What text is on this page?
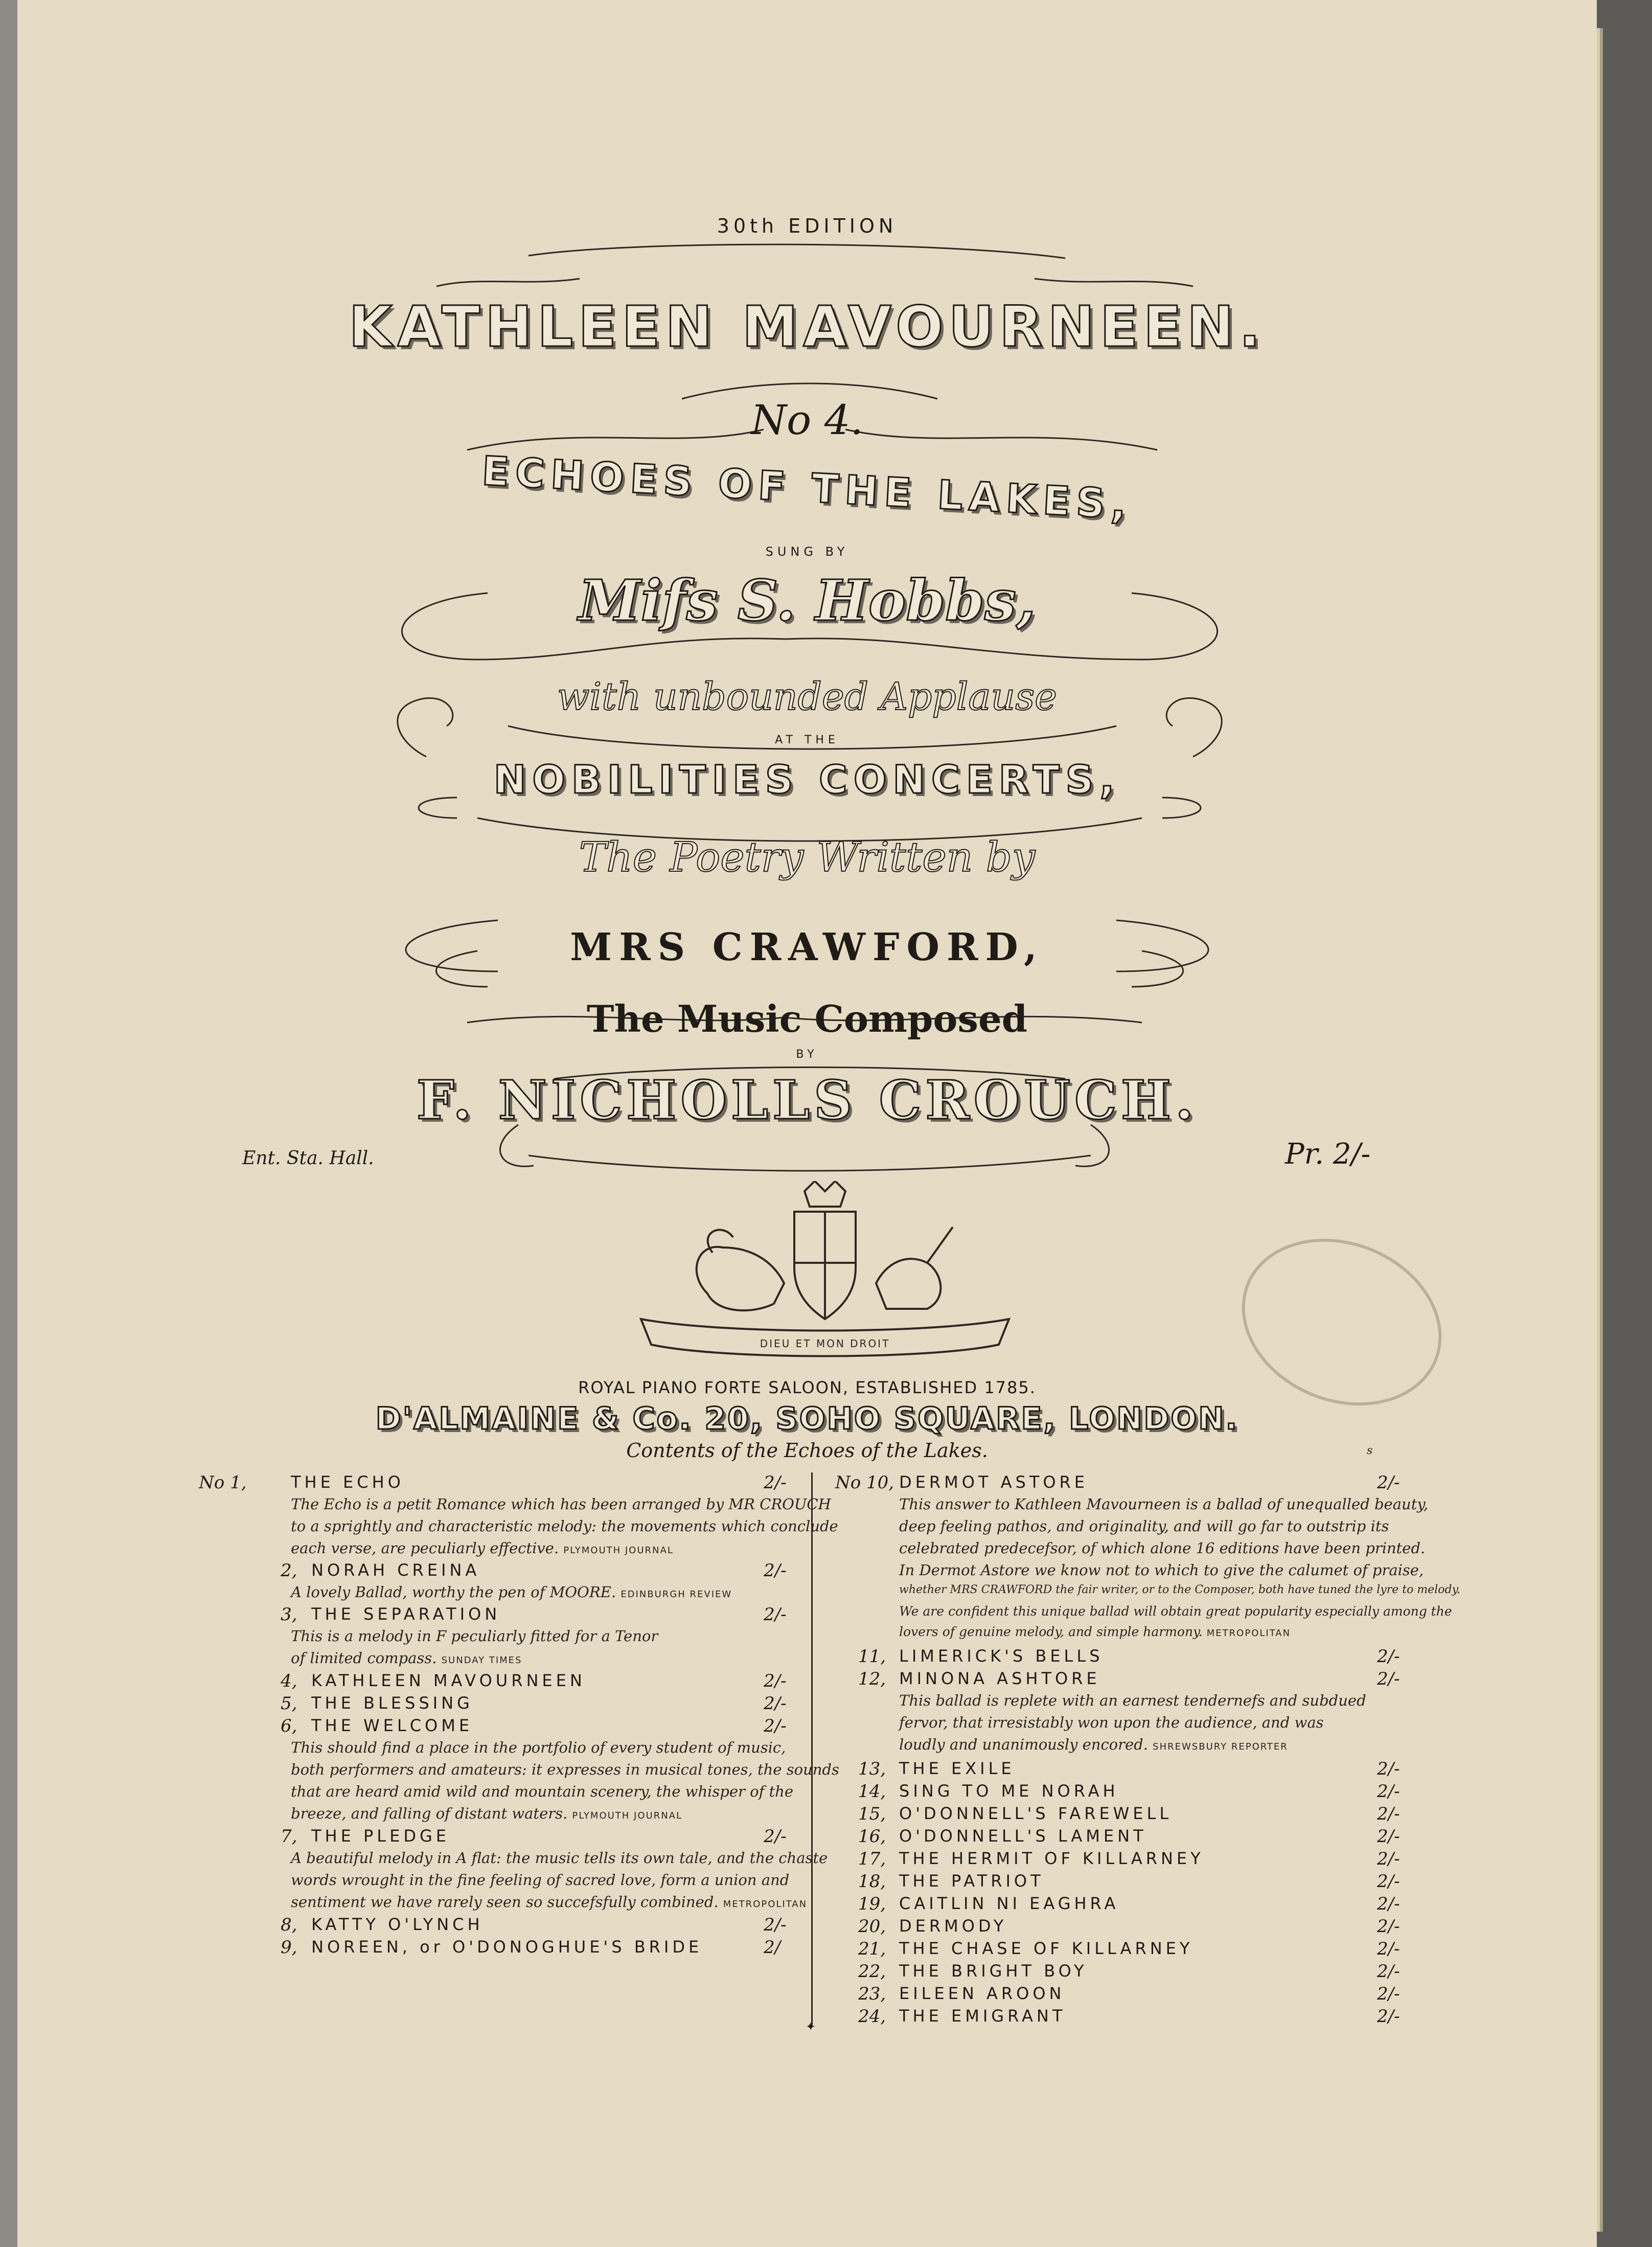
30th EDITION
KATHLEEN MAVOURNEEN.
No 4.
ECHOES OF THE LAKES,
SUNG BY
Mifs S. Hobbs,
with unbounded Applause
AT THE
NOBILITIES CONCERTS,
The Poetry Written by
MRS CRAWFORD,
The Music Composed
BY
F. NICHOLLS CROUCH.
Ent. Sta. Hall.	Pr. 2/-
DIEU ET MON DROIT
ROYAL PIANO FORTE SALOON, ESTABLISHED 1785.
D'ALMAINE & Co. 20, SOHO SQUARE, LONDON.
Contents of the Echoes of the Lakes.
✦
s
No 1,	THE ECHO	2/-
The Echo is a petit Romance which has been arranged by MR CROUCH
to a sprightly and characteristic melody: the movements which conclude
each verse, are peculiarly effective. PLYMOUTH JOURNAL
2, NORAH CREINA	2/-
A lovely Ballad, worthy the pen of MOORE. EDINBURGH REVIEW
3, THE SEPARATION	2/-
This is a melody in F peculiarly fitted for a Tenor
of limited compass. SUNDAY TIMES
4, KATHLEEN MAVOURNEEN	2/-
5, THE BLESSING	2/-
6, THE WELCOME	2/-
This should find a place in the portfolio of every student of music,
both performers and amateurs: it expresses in musical tones, the sounds
that are heard amid wild and mountain scenery, the whisper of the
breeze, and falling of distant waters. PLYMOUTH JOURNAL
7, THE PLEDGE	2/-
A beautiful melody in A flat: the music tells its own tale, and the chaste
words wrought in the fine feeling of sacred love, form a union and
sentiment we have rarely seen so succefsfully combined. METROPOLITAN
8, KATTY O'LYNCH	2/-
9, NOREEN, or O'DONOGHUE'S BRIDE	2/
No 10, DERMOT ASTORE	2/-
This answer to Kathleen Mavourneen is a ballad of unequalled beauty,
deep feeling pathos, and originality, and will go far to outstrip its
celebrated predecefsor, of which alone 16 editions have been printed.
In Dermot Astore we know not to which to give the calumet of praise,
whether MRS CRAWFORD the fair writer, or to the Composer, both have tuned the lyre to melody.
We are confident this unique ballad will obtain great popularity especially among the
lovers of genuine melody, and simple harmony. METROPOLITAN
11, LIMERICK'S BELLS	2/-
12, MINONA ASHTORE	2/-
This ballad is replete with an earnest tendernefs and subdued
fervor, that irresistably won upon the audience, and was
loudly and unanimously encored. SHREWSBURY REPORTER
13, THE EXILE	2/-
14, SING TO ME NORAH	2/-
15, O'DONNELL'S FAREWELL	2/-
16, O'DONNELL'S LAMENT	2/-
17, THE HERMIT OF KILLARNEY	2/-
18, THE PATRIOT	2/-
19, CAITLIN NI EAGHRA	2/-
20, DERMODY	2/-
21, THE CHASE OF KILLARNEY	2/-
22, THE BRIGHT BOY	2/-
23, EILEEN AROON	2/-
24, THE EMIGRANT	2/-
